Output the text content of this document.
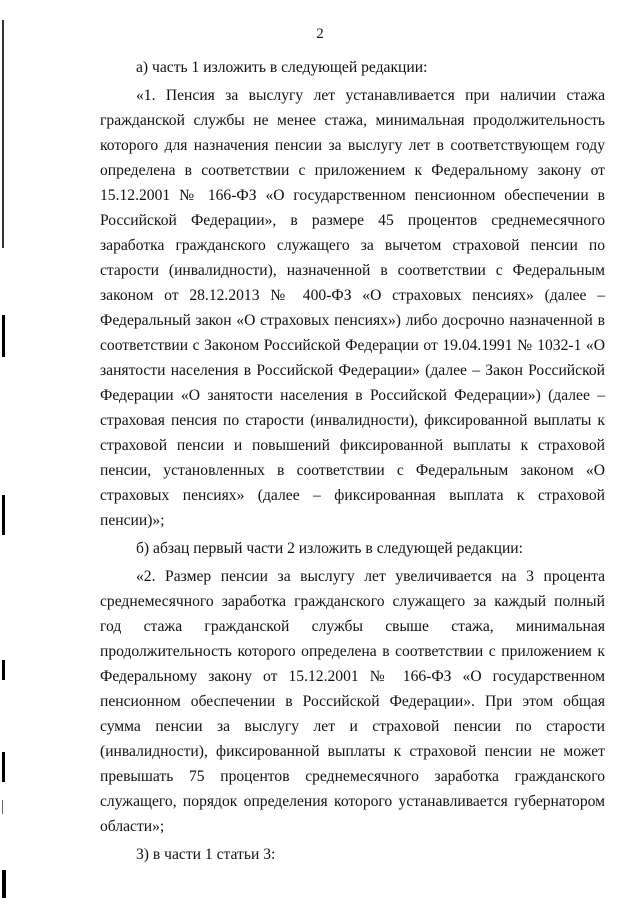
2

а) часть 1 изложить в следующей редакции:

«1. Пенсия за выслугу лет устанавливается при наличии стажа гражданской службы не менее стажа, минимальная продолжительность которого для назначения пенсии за выслугу лет в соответствующем году определена в соответствии с приложением к Федеральному закону от 15.12.2001 № 166-ФЗ «О государственном пенсионном обеспечении в Российской Федерации», в размере 45 процентов среднемесячного заработка гражданского служащего за вычетом страховой пенсии по старости (инвалидности), назначенной в соответствии с Федеральным законом от 28.12.2013 № 400-ФЗ «О страховых пенсиях» (далее – Федеральный закон «О страховых пенсиях») либо досрочно назначенной в соответствии с Законом Российской Федерации от 19.04.1991 № 1032-1 «О занятости населения в Российской Федерации» (далее – Закон Российской Федерации «О занятости населения в Российской Федерации») (далее – страховая пенсия по старости (инвалидности), фиксированной выплаты к страховой пенсии и повышений фиксированной выплаты к страховой пенсии, установленных в соответствии с Федеральным законом «О страховых пенсиях» (далее – фиксированная выплата к страховой пенсии)»;

б) абзац первый части 2 изложить в следующей редакции:

«2. Размер пенсии за выслугу лет увеличивается на 3 процента среднемесячного заработка гражданского служащего за каждый полный год стажа гражданской службы свыше стажа, минимальная продолжительность которого определена в соответствии с приложением к Федеральному закону от 15.12.2001 № 166-ФЗ «О государственном пенсионном обеспечении в Российской Федерации». При этом общая сумма пенсии за выслугу лет и страховой пенсии по старости (инвалидности), фиксированной выплаты к страховой пенсии не может превышать 75 процентов среднемесячного заработка гражданского служащего, порядок определения которого устанавливается губернатором области»;

3) в части 1 статьи 3:
